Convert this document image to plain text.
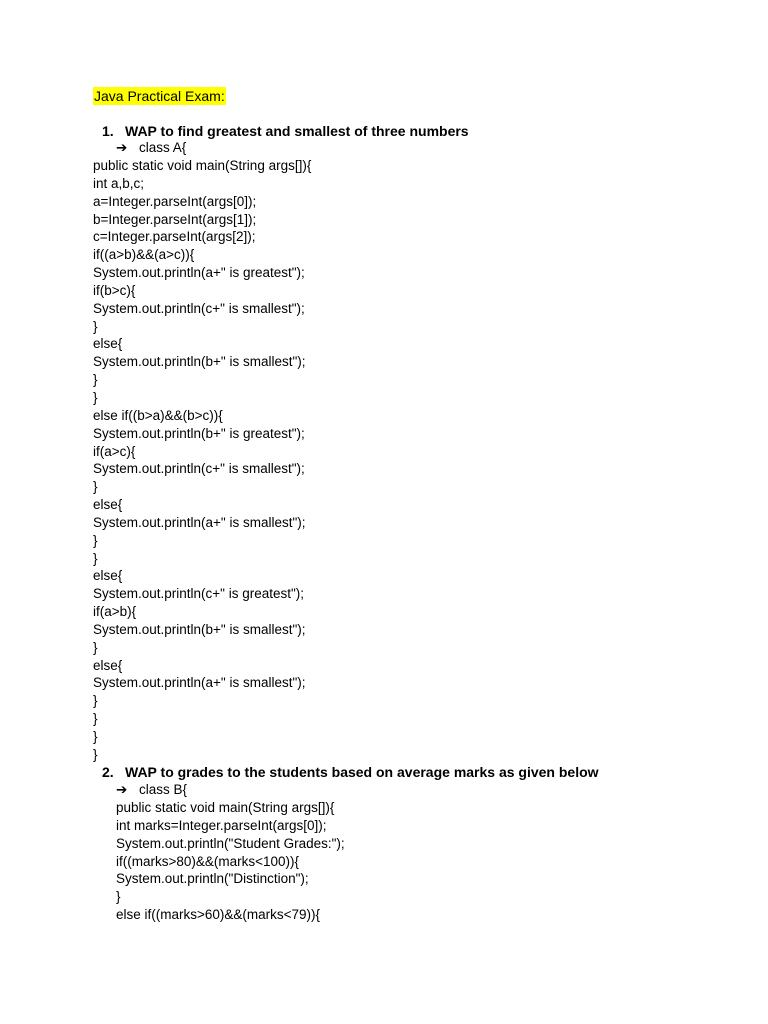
Java Practical Exam:
1. WAP to find greatest and smallest of three numbers
➔ class A{
public static void main(String args[]){
int a,b,c;
a=Integer.parseInt(args[0]);
b=Integer.parseInt(args[1]);
c=Integer.parseInt(args[2]);
if((a>b)&&(a>c)){
System.out.println(a+" is greatest");
if(b>c){
System.out.println(c+" is smallest");
}
else{
System.out.println(b+" is smallest");
}
}
else if((b>a)&&(b>c)){
System.out.println(b+" is greatest");
if(a>c){
System.out.println(c+" is smallest");
}
else{
System.out.println(a+" is smallest");
}
}
else{
System.out.println(c+" is greatest");
if(a>b){
System.out.println(b+" is smallest");
}
else{
System.out.println(a+" is smallest");
}
}
}
}
2. WAP to grades to the students based on average marks as given below
➔ class B{
public static void main(String args[]){
int marks=Integer.parseInt(args[0]);
System.out.println("Student Grades:");
if((marks>80)&&(marks<100)){
System.out.println("Distinction");
}
else if((marks>60)&&(marks<79)){
